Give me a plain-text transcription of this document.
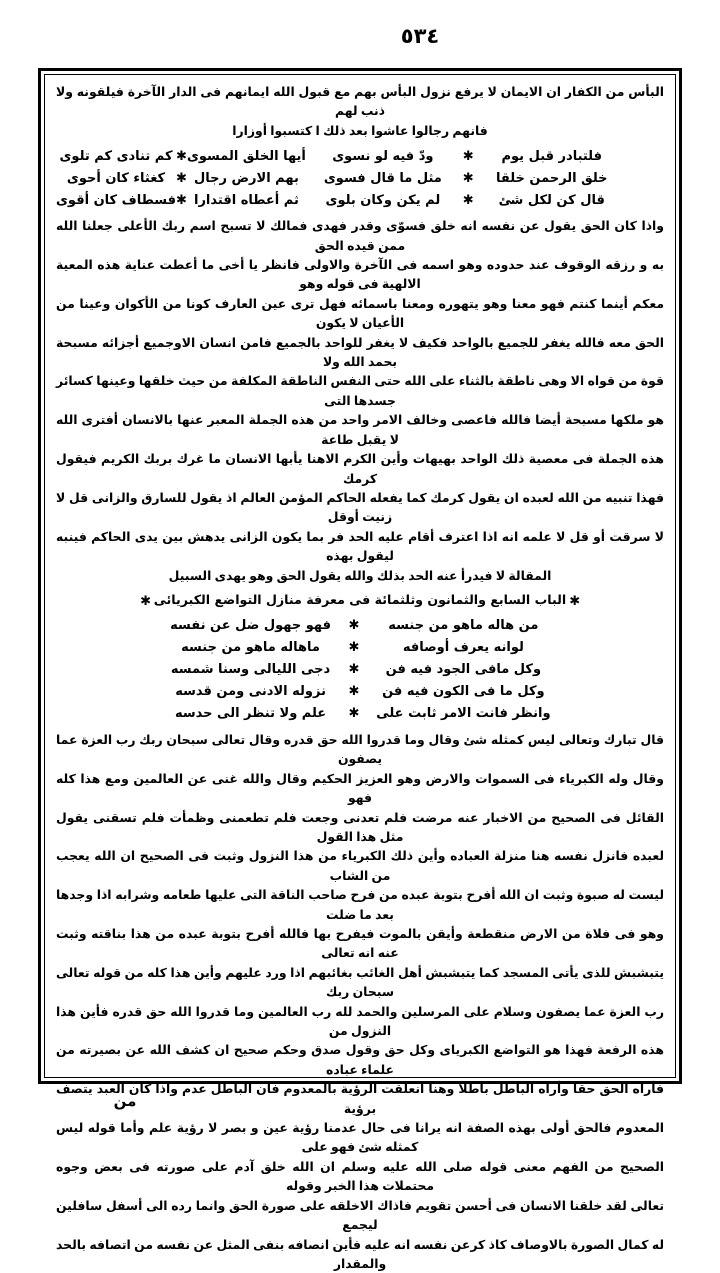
٥٣٤

البأس من الكفار ان الايمان لا يرفع نزول البأس بهم مع قبول الله ايمانهم فى الدار الآخرة فيلقونه ولا ذنب لهم

فانهم رجالوا عاشوا بعد ذلك ا كتسبوا أوزارا

	فلتبادر قبل يوم	✱	ودّ فيه لو نسوى	أيها الخلق المسوى	✱	كم تنادى كم تلوى
	خلق الرحمن خلقا	✱	مثل ما قال فسوى	بهم الارض رجال	✱	كغثاء كان أحوى
	قال كن لكل شئ	✱	لم يكن وكان بلوى	ثم أعطاه اقتدارا	✱	فسطاف كان أقوى

واذا كان الحق يقول عن نفسه انه خلق فسوّى وقدر فهدى فمالك لا تسبح اسم ربك الأعلى جعلنا الله ممن قيده الحق

به و رزقه الوقوف عند حدوده وهو اسمه فى الآخرة والاولى فانظر يا أخى ما أعطت عناية هذه المعية الالهية فى قوله وهو

معكم أينما كنتم فهو معنا وهو يتهوره ومعنا باسمائه فهل ترى عين العارف كونا من الأكوان وعينا من الأعيان لا يكون

الحق معه فالله يغفر للجميع بالواحد فكيف لا يغفر للواحد بالجميع فامن انسان الاوجميع أجزائه مسبحة بحمد الله ولا

قوة من قواه الا وهى ناطقة بالثناء على الله حتى النفس الناطقة المكلفة من حيث خلقها وعينها كسائر جسدها التى

هو ملكها مسبحة أيضا فالله فاعصى وخالف الامر واحد من هذه الجملة المعبر عنها بالانسان أفترى الله لا يقبل طاعة

هذه الجملة فى معصية ذلك الواحد بهيهات وأين الكرم الاهنا يأبها الانسان ما غرك بربك الكريم فيقول كرمك

فهذا تنبيه من الله لعبده ان يقول كرمك كما يفعله الحاكم المؤمن العالم اذ يقول للسارق والزانى قل لا زنيت أوقل

لا سرقت أو قل لا علمه انه اذا اعترف أقام عليه الحد فر بما يكون الزانى يدهش بين يدى الحاكم فينبه ليقول بهذه

المقالة لا فيدرأ عنه الحد بذلك والله يقول الحق وهو يهدى السبيل

✱الباب السابع والثمانون وثلثمائة فى معرفة منازل التواضع الكبريائى✱
	من هاله ماهو من جنسه	✱	فهو جهول ضل عن نفسه	
	لوانه يعرف أوصافه	✱	ماهاله ماهو من جنسه	
	وكل مافى الجود فيه فن	✱	دجى الليالى وسنا شمسه	
	وكل ما فى الكون فيه فن	✱	نزوله الادنى ومن قدسه	
	وانظر فانت الامر ثابت على	✱	علم ولا تنظر الى حدسه	

قال تبارك وتعالى ليس كمثله شئ وقال وما قدروا الله حق قدره وقال تعالى سبحان ربك رب العزة عما يصفون

وقال وله الكبرياء فى السموات والارض وهو العزيز الحكيم وقال والله غنى عن العالمين ومع هذا كله فهو

القائل فى الصحيح من الاخبار عنه مرضت فلم تعدنى وجعت فلم تطعمنى وظمأت فلم تسقنى يقول مثل هذا القول

لعبده فانزل نفسه هنا منزلة العباده وأين ذلك الكبرياء من هذا النزول وثبت فى الصحيح ان الله يعجب من الشاب

ليست له صبوة وثبت ان الله أفرح بتوبة عبده من فرح صاحب الناقة التى عليها طعامه وشرابه اذا وجدها بعد ما ضلت

وهو فى فلاة من الارض منقطعة وأيقن بالموت فيفرح بها فالله أفرح بتوبة عبده من هذا بناقته وثبت عنه انه تعالى

يتبشبش للذى يأتى المسجد كما يتبشبش أهل الغائب بغائبهم اذا ورد عليهم وأين هذا كله من قوله تعالى سبحان ربك

رب العزة عما يصفون وسلام على المرسلين والحمد لله رب العالمين وما قدروا الله حق قدره فأين هذا النزول من

هذه الرفعة فهذا هو التواضع الكبرياى وكل حق وقول صدق وحكم صحيح ان كشف الله عن بصيرته من علماء عباده

فأراه الحق حقا وأراه الباطل باطلا وهنا انعلقت الرؤية بالمعدوم فان الباطل عدم واذا كان العبد يتصف برؤية

المعدوم فالحق أولى بهذه الصفة انه يرانا فى حال عدمنا رؤية عين و بصر لا رؤية علم وأما قوله ليس كمثله شئ فهو على

الصحيح من الفهم معنى قوله صلى الله عليه وسلم ان الله خلق آدم على صورته فى بعض وجوه محتملات هذا الخبر وقوله

تعالى لقد خلقنا الانسان فى أحسن تقويم فاذاك الاخلقه على صورة الحق وانما رده الى أسفل سافلين ليجمع

له كمال الصورة بالاوصاف كاذ كرعن نفسه انه عليه فأين انصافه بنفى المثل عن نفسه من اتصافه بالحد والمقدار

من
